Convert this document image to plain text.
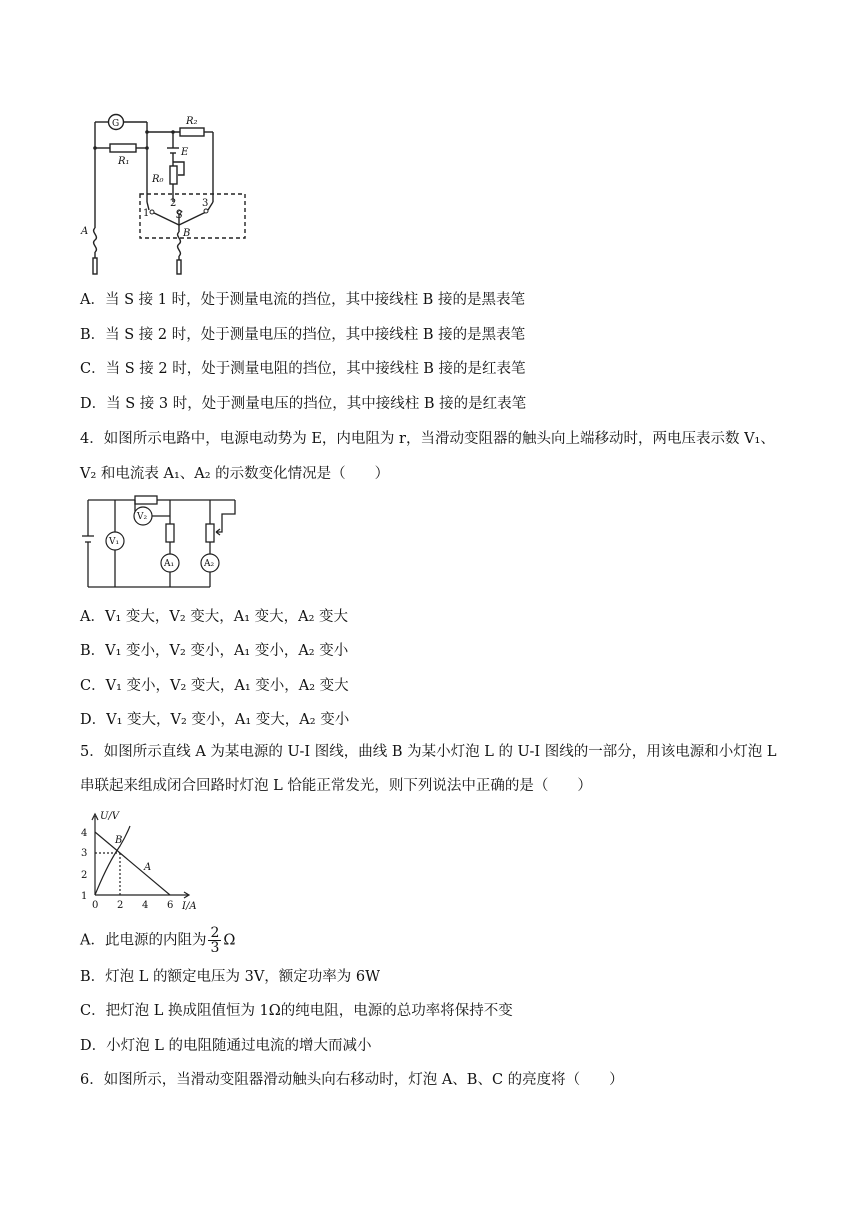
G
R₁
R₂
E
R₀
1
2	3
S
A	B
A．当 S 接 1 时，处于测量电流的挡位，其中接线柱 B 接的是黑表笔
B．当 S 接 2 时，处于测量电压的挡位，其中接线柱 B 接的是黑表笔
C．当 S 接 2 时，处于测量电阻的挡位，其中接线柱 B 接的是红表笔
D．当 S 接 3 时，处于测量电压的挡位，其中接线柱 B 接的是红表笔
4．如图所示电路中，电源电动势为 E，内电阻为 r，当滑动变阻器的触头向上端移动时，两电压表示数 V₁、
V₂ 和电流表 A₁、A₂ 的示数变化情况是（　　）
V₁
V₂
A₁	A₂
A．V₁ 变大，V₂ 变大，A₁ 变大，A₂ 变大
B．V₁ 变小，V₂ 变小，A₁ 变小，A₂ 变小
C．V₁ 变小，V₂ 变大，A₁ 变小，A₂ 变大
D．V₁ 变大，V₂ 变小，A₁ 变大，A₂ 变小
5．如图所示直线 A 为某电源的 U-I 图线，曲线 B 为某小灯泡 L 的 U-I 图线的一部分，用该电源和小灯泡 L
串联起来组成闭合回路时灯泡 L 恰能正常发光，则下列说法中正确的是（　　）
U/V
I/A
4
3
2
1
0 2 4 6
A
B
A．此电源的内阻为 $\frac{2}{3}$ Ω
B．灯泡 L 的额定电压为 3V，额定功率为 6W
C．把灯泡 L 换成阻值恒为 1Ω的纯电阻，电源的总功率将保持不变
D．小灯泡 L 的电阻随通过电流的增大而减小
6．如图所示，当滑动变阻器滑动触头向右移动时，灯泡 A、B、C 的亮度将（　　）
